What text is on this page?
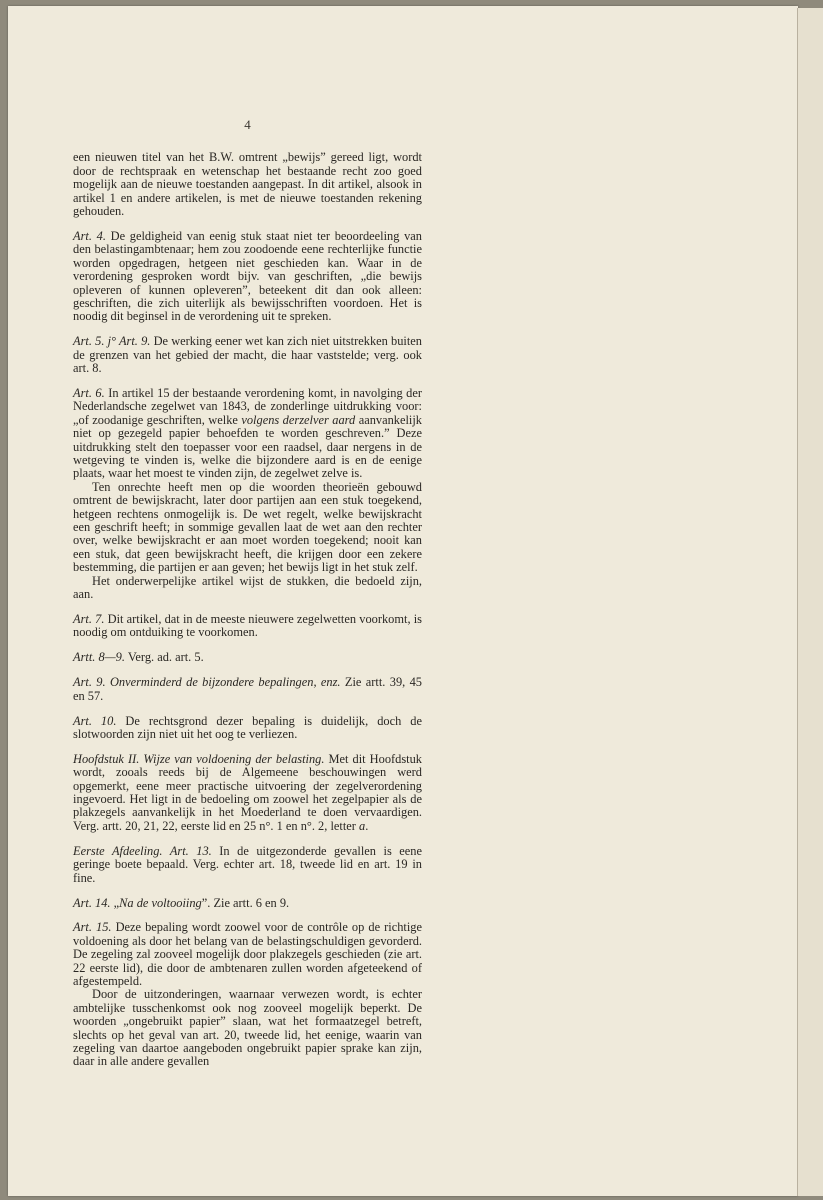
4

een nieuwen titel van het B.W. omtrent „bewijs” gereed ligt, wordt door de rechtspraak en wetenschap het bestaande recht zoo goed mogelijk aan de nieuwe toestanden aangepast. In dit artikel, alsook in artikel 1 en andere artikelen, is met de nieuwe toestanden rekening gehouden.

Art. 4. De geldigheid van eenig stuk staat niet ter beoordeeling van den belastingambtenaar; hem zou zoodoende eene rechterlijke functie worden opgedragen, hetgeen niet geschieden kan. Waar in de verordening gesproken wordt bijv. van geschriften, „die bewijs opleveren of kunnen opleveren”, beteekent dit dan ook alleen: geschriften, die zich uiterlijk als bewijsschriften voordoen. Het is noodig dit beginsel in de verordening uit te spreken.

Art. 5. j° Art. 9. De werking eener wet kan zich niet uitstrekken buiten de grenzen van het gebied der macht, die haar vaststelde; verg. ook art. 8.

Art. 6. In artikel 15 der bestaande verordening komt, in navolging der Nederlandsche zegelwet van 1843, de zonderlinge uitdrukking voor: „of zoodanige geschriften, welke volgens derzelver aard aanvankelijk niet op gezegeld papier behoefden te worden geschreven.” Deze uitdrukking stelt den toepasser voor een raadsel, daar nergens in de wetgeving te vinden is, welke die bijzondere aard is en de eenige plaats, waar het moest te vinden zijn, de zegelwet zelve is.

Ten onrechte heeft men op die woorden theorieën gebouwd omtrent de bewijskracht, later door partijen aan een stuk toegekend, hetgeen rechtens onmogelijk is. De wet regelt, welke bewijskracht een geschrift heeft; in sommige gevallen laat de wet aan den rechter over, welke bewijskracht er aan moet worden toegekend; nooit kan een stuk, dat geen bewijskracht heeft, die krijgen door een zekere bestemming, die partijen er aan geven; het bewijs ligt in het stuk zelf.

Het onderwerpelijke artikel wijst de stukken, die bedoeld zijn, aan.

Art. 7. Dit artikel, dat in de meeste nieuwere zegelwetten voorkomt, is noodig om ontduiking te voorkomen.

Artt. 8—9. Verg. ad. art. 5.

Art. 9. Onverminderd de bijzondere bepalingen, enz. Zie artt. 39, 45 en 57.

Art. 10. De rechtsgrond dezer bepaling is duidelijk, doch de slotwoorden zijn niet uit het oog te verliezen.

Hoofdstuk II. Wijze van voldoening der belasting. Met dit Hoofdstuk wordt, zooals reeds bij de Algemeene beschouwingen werd opgemerkt, eene meer practische uitvoering der zegelverordening ingevoerd. Het ligt in de bedoeling om zoowel het zegelpapier als de plakzegels aanvankelijk in het Moederland te doen vervaardigen. Verg. artt. 20, 21, 22, eerste lid en 25 n°. 1 en n°. 2, letter a.

Eerste Afdeeling. Art. 13. In de uitgezonderde gevallen is eene geringe boete bepaald. Verg. echter art. 18, tweede lid en art. 19 in fine.

Art. 14. „Na de voltooiing”. Zie artt. 6 en 9.

Art. 15. Deze bepaling wordt zoowel voor de contrôle op de richtige voldoening als door het belang van de belastingschuldigen gevorderd. De zegeling zal zooveel mogelijk door plakzegels geschieden (zie art. 22 eerste lid), die door de ambtenaren zullen worden afgeteekend of afgestempeld.

Door de uitzonderingen, waarnaar verwezen wordt, is echter ambtelijke tusschenkomst ook nog zooveel mogelijk beperkt. De woorden „ongebruikt papier” slaan, wat het formaatzegel betreft, slechts op het geval van art. 20, tweede lid, het eenige, waarin van zegeling van daartoe aangeboden ongebruikt papier sprake kan zijn, daar in alle andere gevallen
